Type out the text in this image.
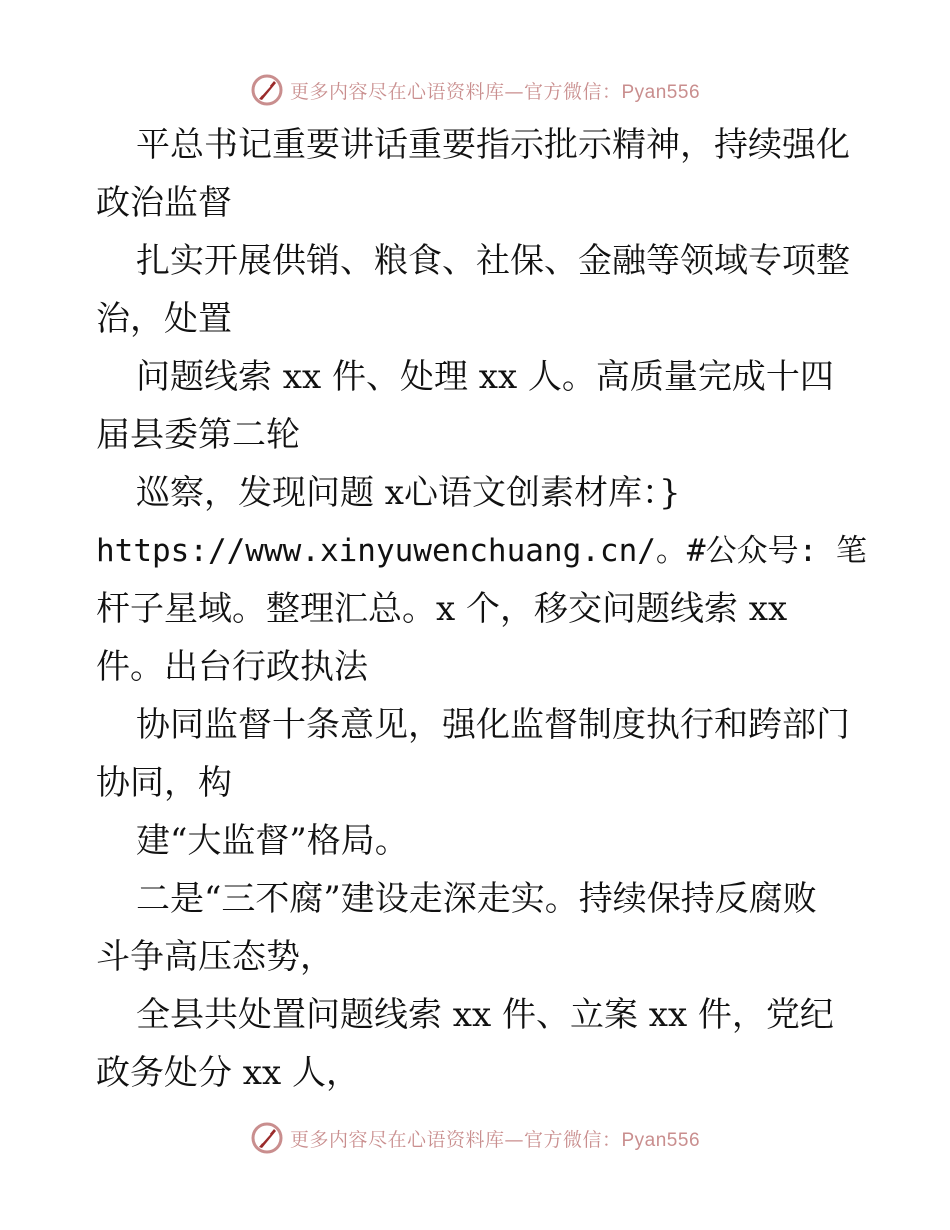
更多内容尽在心语资料库—官方微信：Pyan556
平总书记重要讲话重要指示批示精神，持续强化
政治监督
扎实开展供销、粮食、社保、金融等领域专项整
治，处置
问题线索 xx 件、处理 xx 人。高质量完成十四
届县委第二轮
巡察，发现问题 x心语文创素材库：}
https://www.xinyuwenchuang.cn/。#公众号: 笔
杆子星域。整理汇总。x 个，移交问题线索 xx
件。出台行政执法
协同监督十条意见，强化监督制度执行和跨部门
协同，构
建“大监督”格局。
二是“三不腐”建设走深走实。持续保持反腐败
斗争高压态势，
全县共处置问题线索 xx 件、立案 xx 件，党纪
政务处分 xx 人，
更多内容尽在心语资料库—官方微信：Pyan556
